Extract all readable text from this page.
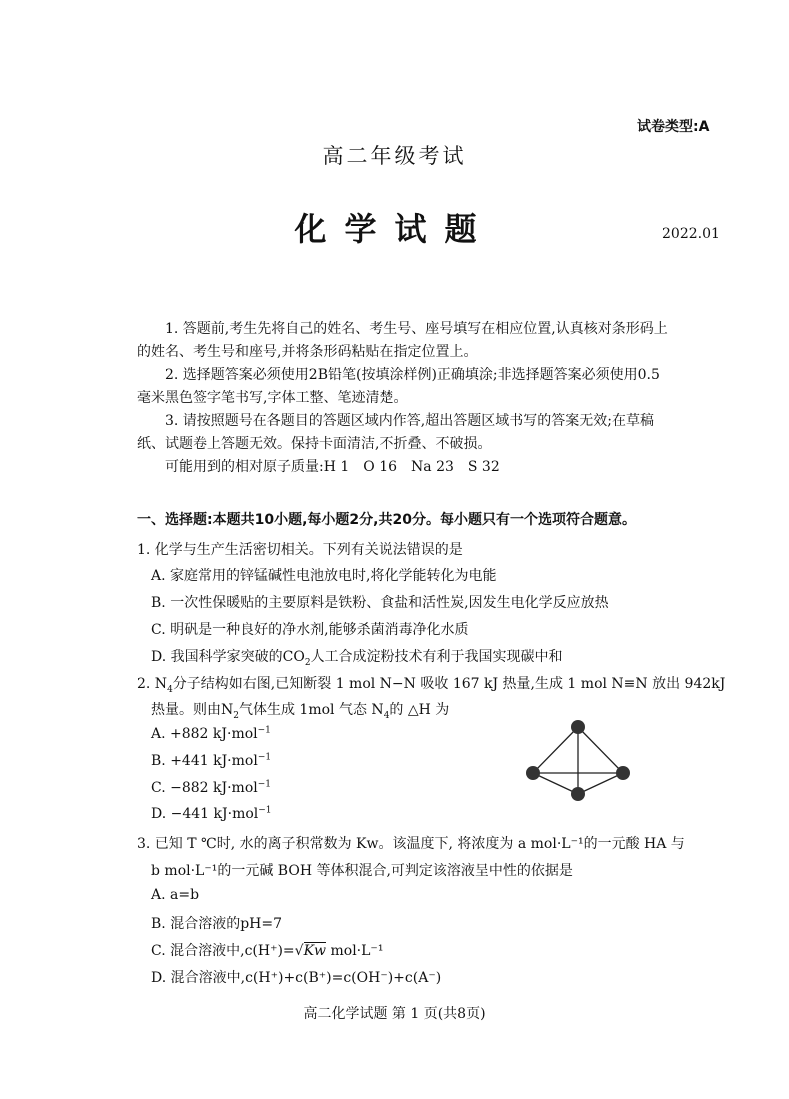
试卷类型:A
高二年级考试
化学试题	2022.01
1. 答题前,考生先将自己的姓名、考生号、座号填写在相应位置,认真核对条形码上
的姓名、考生号和座号,并将条形码粘贴在指定位置上。
2. 选择题答案必须使用2B铅笔(按填涂样例)正确填涂;非选择题答案必须使用0.5
毫米黑色签字笔书写,字体工整、笔迹清楚。
3. 请按照题号在各题目的答题区域内作答,超出答题区域书写的答案无效;在草稿
纸、试题卷上答题无效。保持卡面清洁,不折叠、不破损。
可能用到的相对原子质量:H 1　O 16　Na 23　S 32
一、选择题:本题共10小题,每小题2分,共20分。每小题只有一个选项符合题意。
1. 化学与生产生活密切相关。下列有关说法错误的是
A. 家庭常用的锌锰碱性电池放电时,将化学能转化为电能
B. 一次性保暖贴的主要原料是铁粉、食盐和活性炭,因发生电化学反应放热
C. 明矾是一种良好的净水剂,能够杀菌消毒净化水质
D. 我国科学家突破的$CO_2$人工合成淀粉技术有利于我国实现碳中和
2. $N_4$分子结构如右图,已知断裂 1 mol N−N 吸收 167 kJ 热量,生成 1 mol N≡N 放出 942kJ
热量。则由$N_2$气体生成 1mol 气态 $N_4$的 △H 为
A. +882 kJ·mol$^{-1}$
B. +441 kJ·mol$^{-1}$
C. −882 kJ·mol$^{-1}$
D. −441 kJ·mol$^{-1}$
3. 已知 T ℃时, 水的离子积常数为 Kw。该温度下, 将浓度为 a mol·L⁻¹的一元酸 HA 与
b mol·L⁻¹的一元碱 BOH 等体积混合,可判定该溶液呈中性的依据是
A. a=b
B. 混合溶液的pH=7
C. 混合溶液中,c(H⁺)=√Kw mol·L⁻¹
D. 混合溶液中,c(H⁺)+c(B⁺)=c(OH⁻)+c(A⁻)
高二化学试题 第 1 页(共8页)
